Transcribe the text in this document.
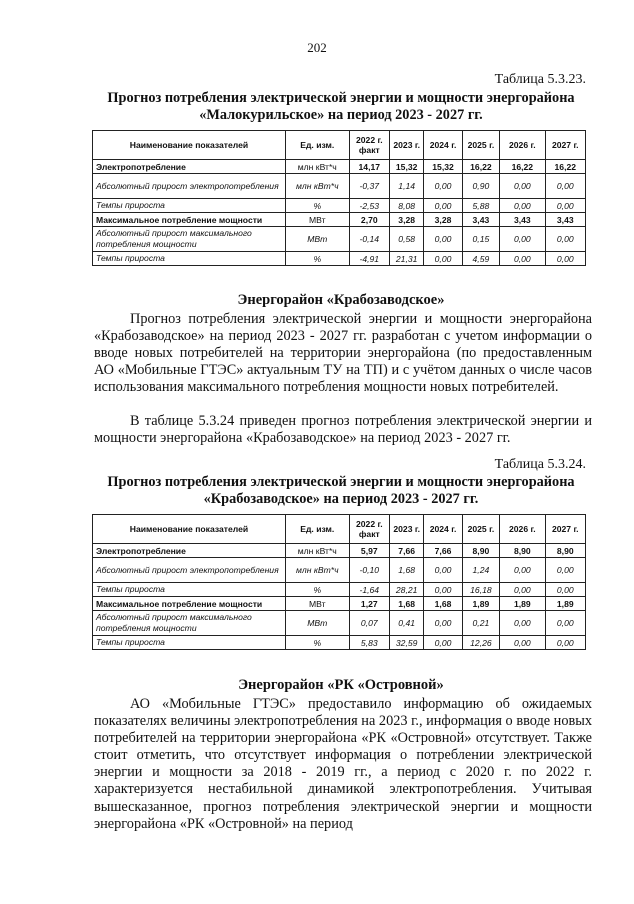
202
Таблица 5.3.23.
Прогноз потребления электрической энергии и мощности энергорайона «Малокурильское» на период 2023 - 2027 гг.
Наименование показателей	Ед. изм.	2022 г. факт	2023 г.	2024 г.	2025 г.	2026 г.	2027 г.
Электропотребление	млн кВт*ч	14,17	15,32	15,32	16,22	16,22	16,22
Абсолютный прирост электропотребления	млн кВт*ч	-0,37	1,14	0,00	0,90	0,00	0,00
Темпы прироста	%	-2,53	8,08	0,00	5,88	0,00	0,00
Максимальное потребление мощности	МВт	2,70	3,28	3,28	3,43	3,43	3,43
Абсолютный прирост максимального потребления мощности	МВт	-0,14	0,58	0,00	0,15	0,00	0,00
Темпы прироста	%	-4,91	21,31	0,00	4,59	0,00	0,00
Энергорайон «Крабозаводское»
Прогноз потребления электрической энергии и мощности энергорайона «Крабозаводское» на период 2023 - 2027 гг. разработан с учетом информации о вводе новых потребителей на территории энергорайона (по предоставленным АО «Мобильные ГТЭС» актуальным ТУ на ТП) и с учётом данных о числе часов использования максимального потребления мощности новых потребителей.
В таблице 5.3.24 приведен прогноз потребления электрической энергии и мощности энергорайона «Крабозаводское» на период 2023 - 2027 гг.
Таблица 5.3.24.
Прогноз потребления электрической энергии и мощности энергорайона «Крабозаводское» на период 2023 - 2027 гг.
Наименование показателей	Ед. изм.	2022 г. факт	2023 г.	2024 г.	2025 г.	2026 г.	2027 г.
Электропотребление	млн кВт*ч	5,97	7,66	7,66	8,90	8,90	8,90
Абсолютный прирост электропотребления	млн кВт*ч	-0,10	1,68	0,00	1,24	0,00	0,00
Темпы прироста	%	-1,64	28,21	0,00	16,18	0,00	0,00
Максимальное потребление мощности	МВт	1,27	1,68	1,68	1,89	1,89	1,89
Абсолютный прирост максимального потребления мощности	МВт	0,07	0,41	0,00	0,21	0,00	0,00
Темпы прироста	%	5,83	32,59	0,00	12,26	0,00	0,00
Энергорайон «РК «Островной»
АО «Мобильные ГТЭС» предоставило информацию об ожидаемых показателях величины электропотребления на 2023 г., информация о вводе новых потребителей на территории энергорайона «РК «Островной» отсутствует. Также стоит отметить, что отсутствует информация о потреблении электрической энергии и мощности за 2018 - 2019 гг., а период с 2020 г. по 2022 г. характеризуется нестабильной динамикой электропотребления. Учитывая вышесказанное, прогноз потребления электрической энергии и мощности энергорайона «РК «Островной» на период
